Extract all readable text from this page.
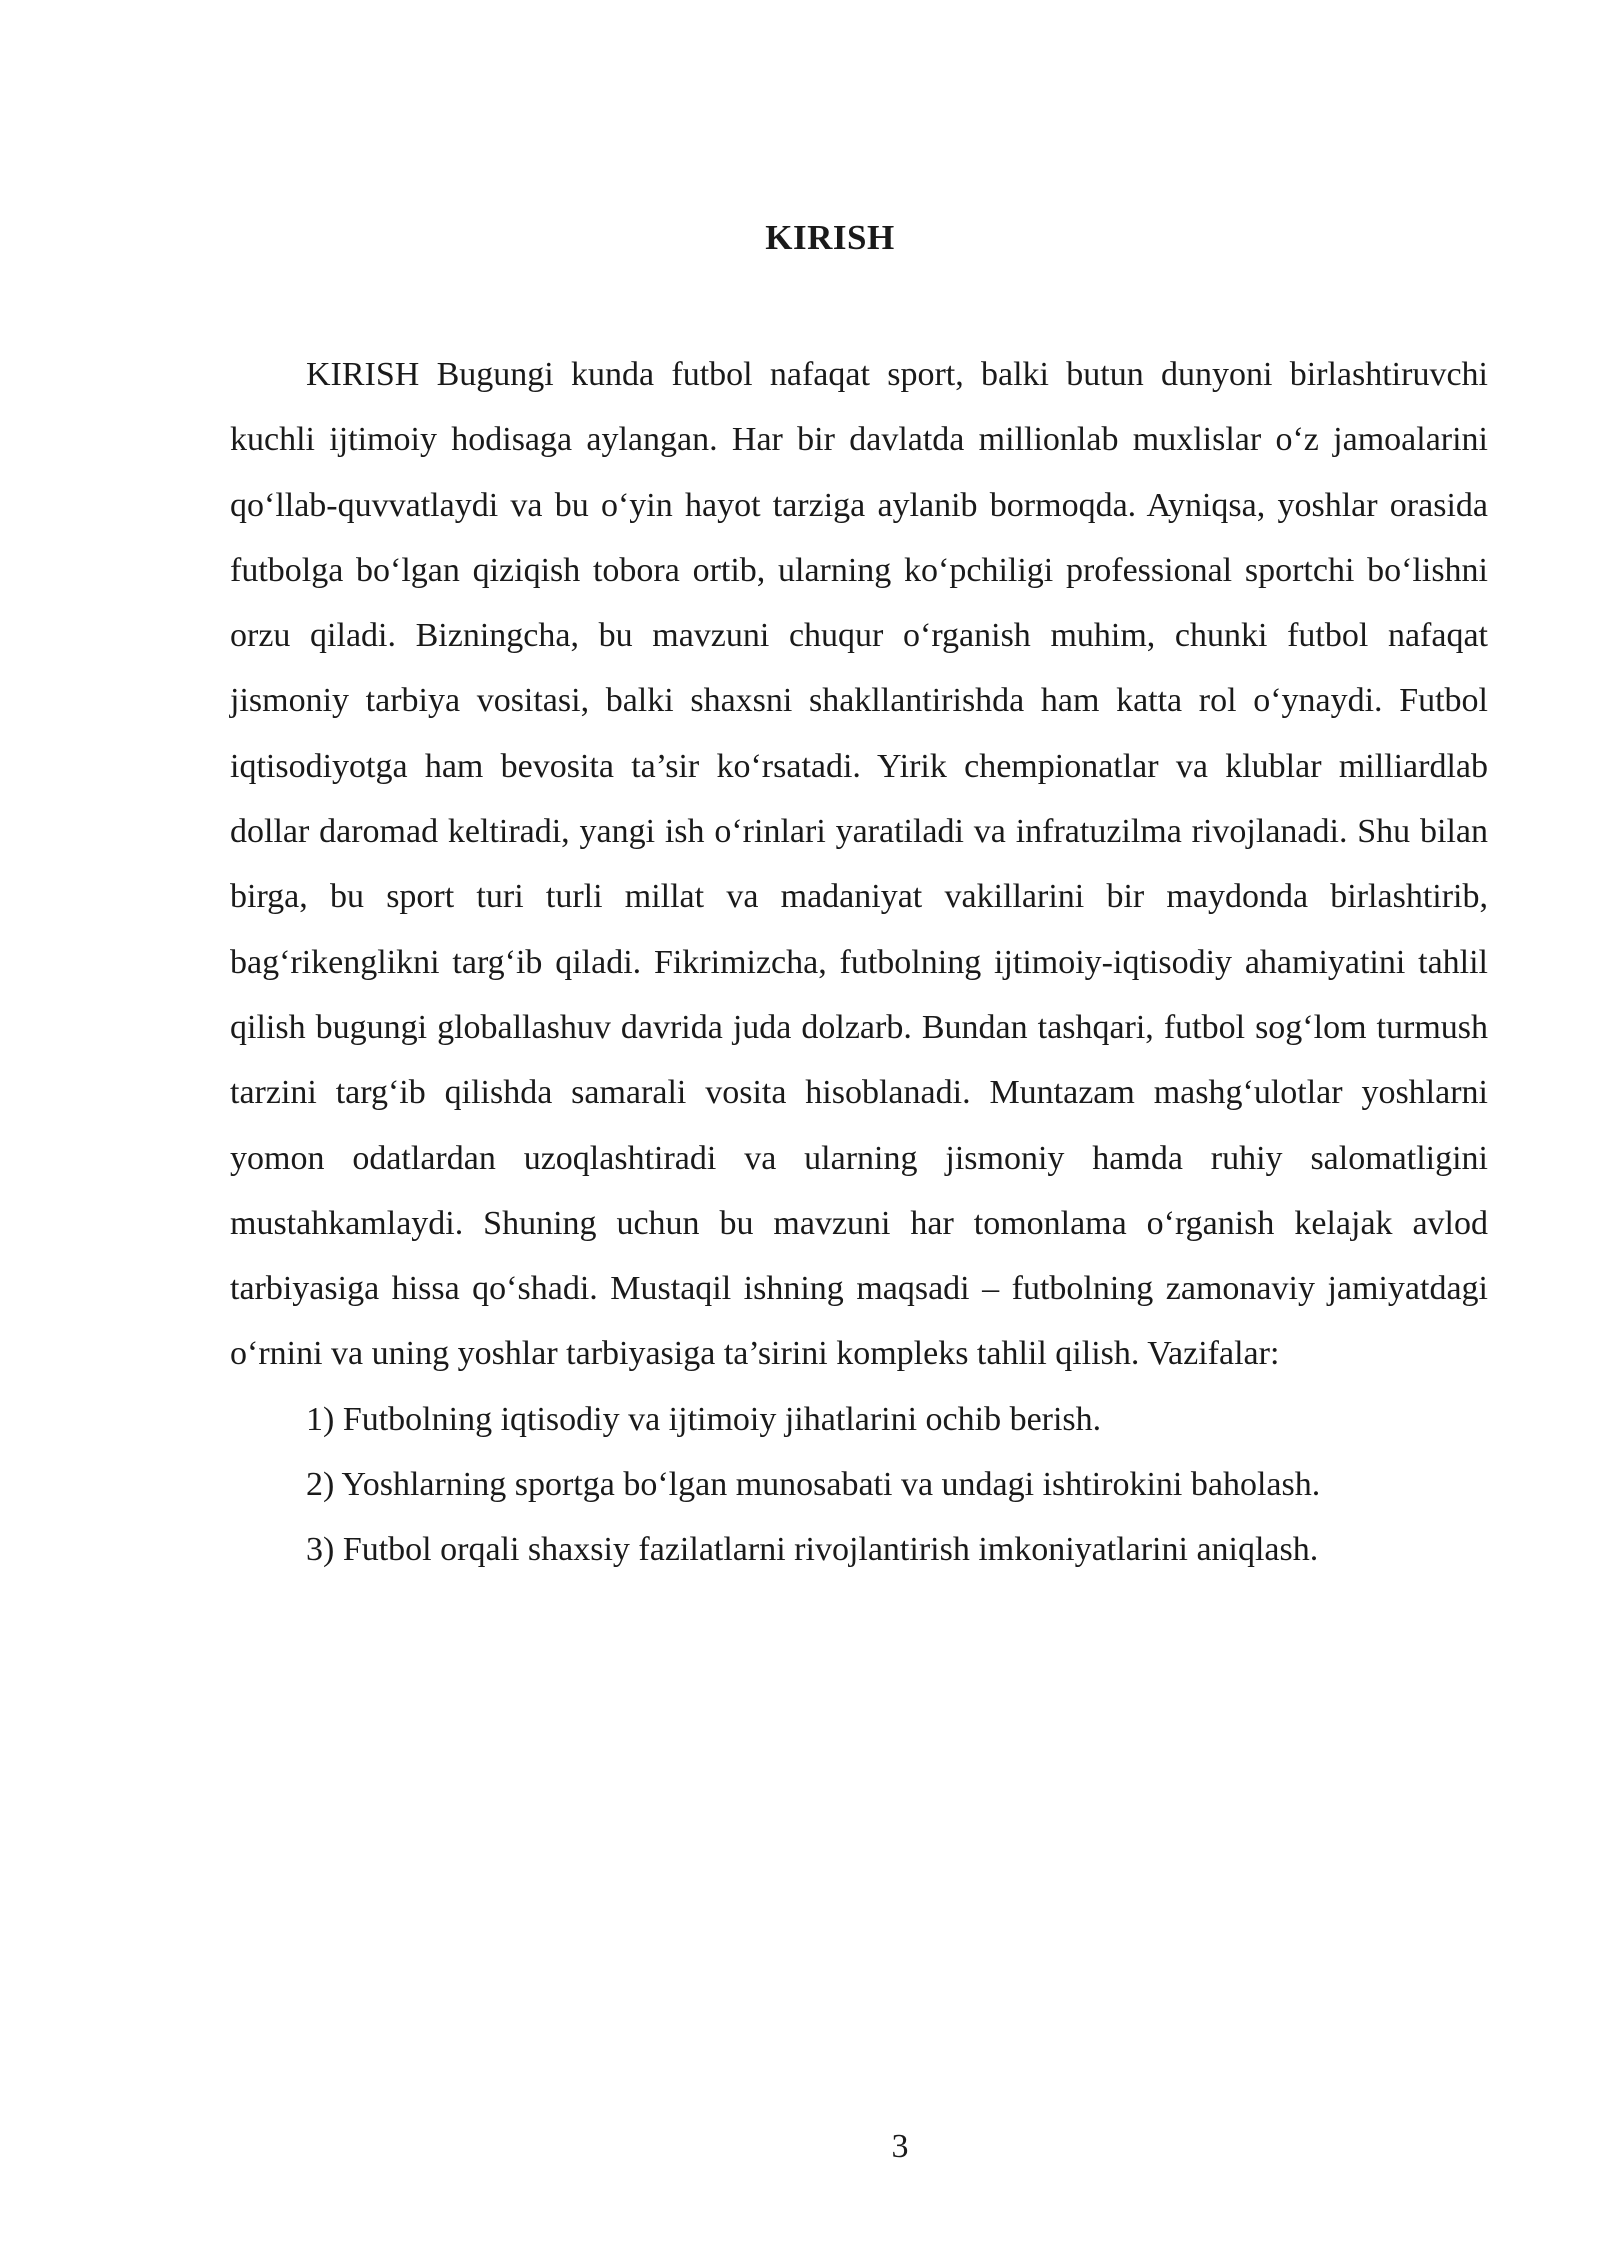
KIRISH

KIRISH Bugungi kunda futbol nafaqat sport, balki butun dunyoni birlashtiruvchi kuchli ijtimoiy hodisaga aylangan. Har bir davlatda millionlab muxlislar o‘z jamoalarini qo‘llab-quvvatlaydi va bu o‘yin hayot tarziga aylanib bormoqda. Ayniqsa, yoshlar orasida futbolga bo‘lgan qiziqish tobora ortib, ularning ko‘pchiligi professional sportchi bo‘lishni orzu qiladi. Bizningcha, bu mavzuni chuqur o‘rganish muhim, chunki futbol nafaqat jismoniy tarbiya vositasi, balki shaxsni shakllantirishda ham katta rol o‘ynaydi. Futbol iqtisodiyotga ham bevosita ta’sir ko‘rsatadi. Yirik chempionatlar va klublar milliardlab dollar daromad keltiradi, yangi ish o‘rinlari yaratiladi va infratuzilma rivojlanadi. Shu bilan birga, bu sport turi turli millat va madaniyat vakillarini bir maydonda birlashtirib, bag‘rikenglikni targ‘ib qiladi. Fikrimizcha, futbolning ijtimoiy-iqtisodiy ahamiyatini tahlil qilish bugungi globallashuv davrida juda dolzarb. Bundan tashqari, futbol sog‘lom turmush tarzini targ‘ib qilishda samarali vosita hisoblanadi. Muntazam mashg‘ulotlar yoshlarni yomon odatlardan uzoqlashtiradi va ularning jismoniy hamda ruhiy salomatligini mustahkamlaydi. Shuning uchun bu mavzuni har tomonlama o‘rganish kelajak avlod tarbiyasiga hissa qo‘shadi. Mustaqil ishning maqsadi – futbolning zamonaviy jamiyatdagi o‘rnini va uning yoshlar tarbiyasiga ta’sirini kompleks tahlil qilish. Vazifalar:

1) Futbolning iqtisodiy va ijtimoiy jihatlarini ochib berish.

2) Yoshlarning sportga bo‘lgan munosabati va undagi ishtirokini baholash.

3) Futbol orqali shaxsiy fazilatlarni rivojlantirish imkoniyatlarini aniqlash.

3
